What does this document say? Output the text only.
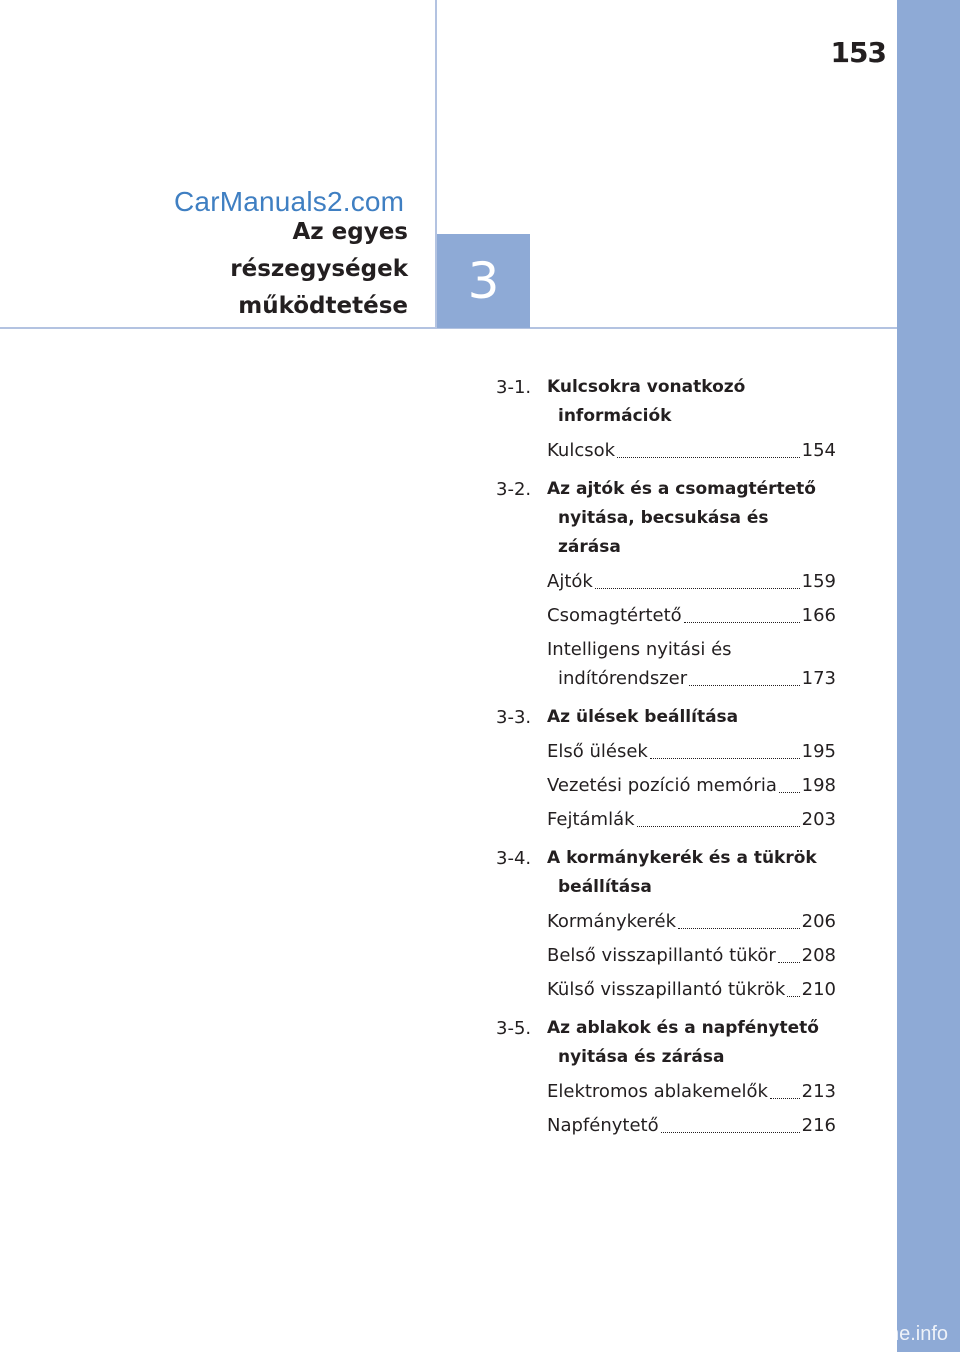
153
Az egyes
részegységek
működtetése
CarManuals2.com
3
3-1. Kulcsokra vonatkozó
információk
Kulcsok	154
3-2. Az ajtók és a csomagtértető
nyitása, becsukása és zárása
Ajtók	159
Csomagtértető	166
Intelligens nyitási és
indítórendszer	173
3-3. Az ülések beállítása
Első ülések	195
Vezetési pozíció memória 198
Fejtámlák	203
3-4. A kormánykerék és a tükrök
beállítása
Kormánykerék	206
Belső visszapillantó tükör 208
Külső visszapillantó tükrök 210
3-5. Az ablakok és a napfénytető
nyitása és zárása
Elektromos ablakemelők 213
Napfénytető	216
carmanualsonline.info
